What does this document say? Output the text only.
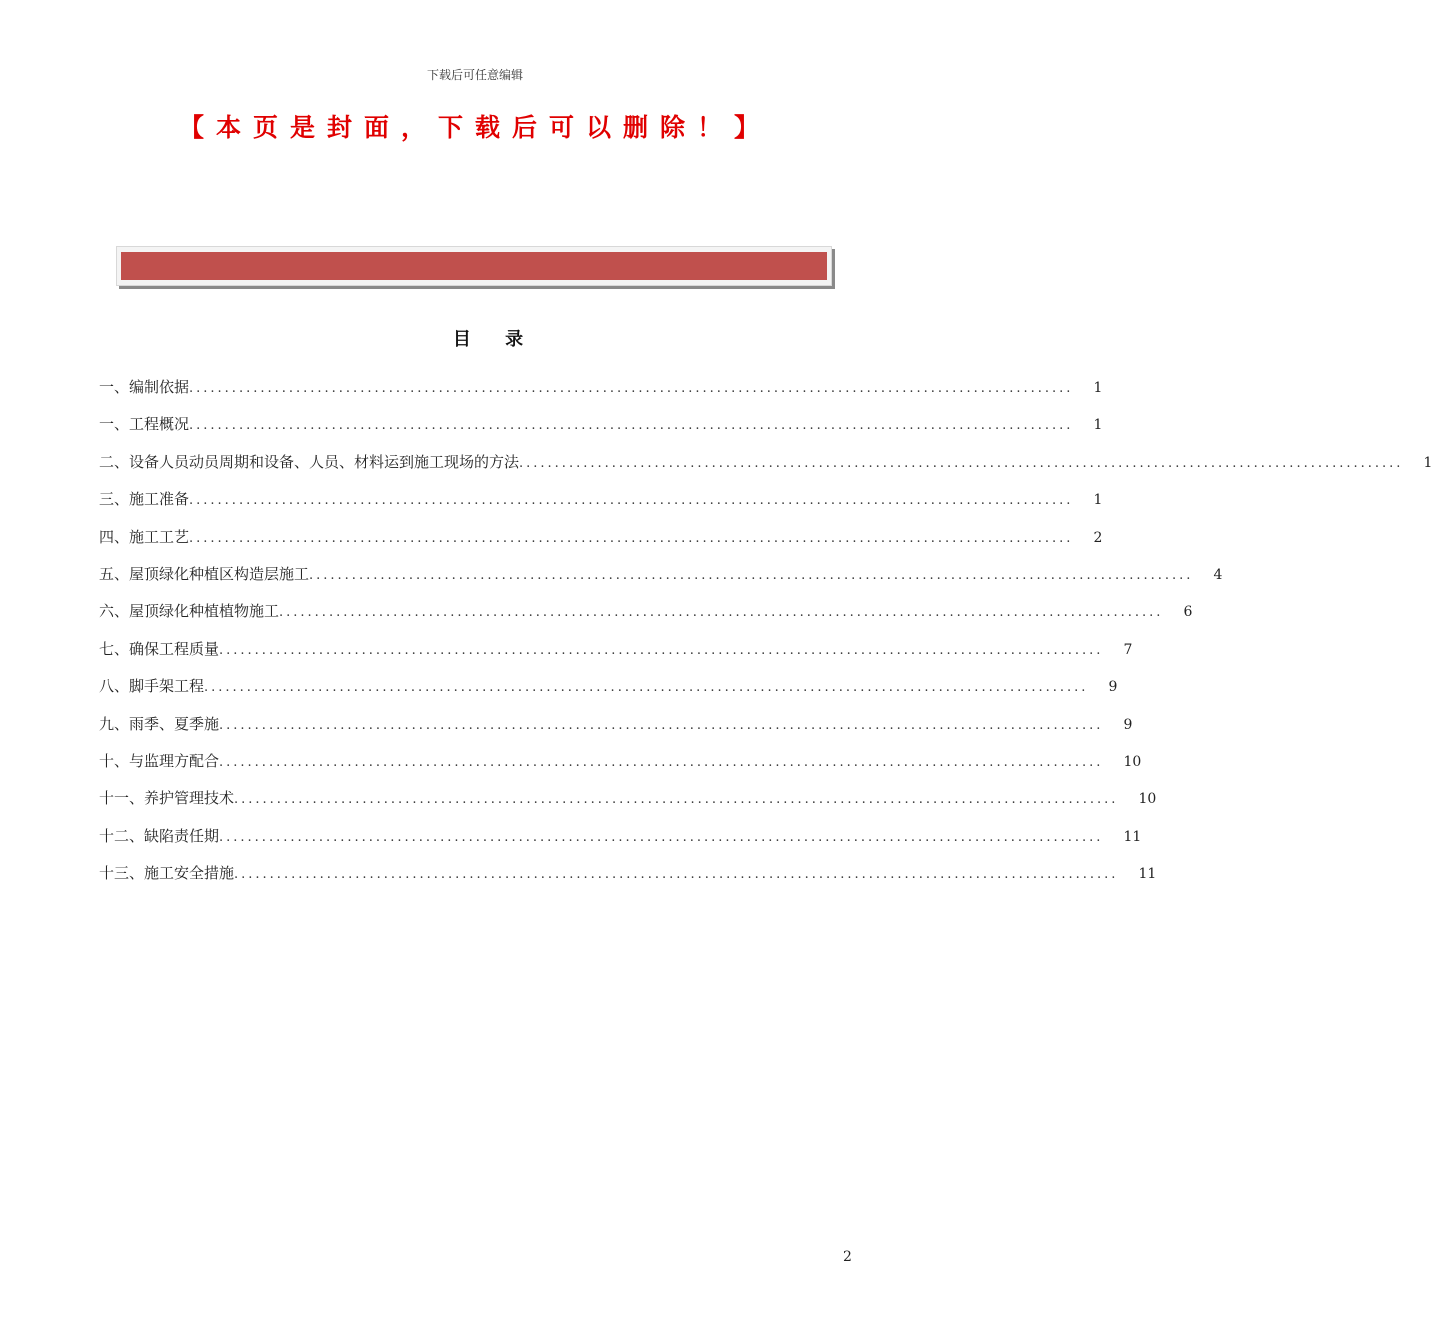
下载后可任意编辑
【本页是封面，下载后可以删除！】
目 录
一、编制依据 ............................................................................................................................ 1
一、工程概况 ............................................................................................................................ 1
二、设备人员动员周期和设备、人员、材料运到施工现场的方法 ............................................................................................................................ 1
三、施工准备 ............................................................................................................................ 1
四、施工工艺 ............................................................................................................................ 2
五、屋顶绿化种植区构造层施工 ............................................................................................................................ 4
六、屋顶绿化种植植物施工 ............................................................................................................................ 6
七、确保工程质量 ............................................................................................................................ 7
八、脚手架工程 ............................................................................................................................ 9
九、雨季、夏季施 ............................................................................................................................ 9
十、与监理方配合 ............................................................................................................................ 10
十一、养护管理技术 ............................................................................................................................ 10
十二、缺陷责任期 ............................................................................................................................ 11
十三、施工安全措施 ............................................................................................................................ 11
2
